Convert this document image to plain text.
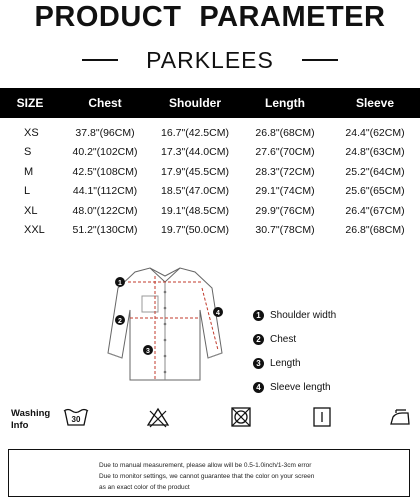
PRODUCT PARAMETER
PARKLEES
SIZE	Chest	Shoulder	Length	Sleeve
XS	37.8"(96CM)	16.7"(42.5CM)	26.8"(68CM)	24.4"(62CM)
S	40.2"(102CM)	17.3"(44.0CM)	27.6"(70CM)	24.8"(63CM)
M	42.5"(108CM)	17.9"(45.5CM)	28.3"(72CM)	25.2"(64CM)
L	44.1"(112CM)	18.5"(47.0CM)	29.1"(74CM)	25.6"(65CM)
XL	48.0"(122CM)	19.1"(48.5CM)	29.9"(76CM)	26.4"(67CM)
XXL	51.2"(130CM)	19.7"(50.0CM)	30.7"(78CM)	26.8"(68CM)
1
2
3
4	1 Shoulder width
2 Chest
3 Length
4 Sleeve length
Washing
Info
30
Due to manual measurement, please allow will be 0.5-1.0inch/1-3cm error
Due to monitor settings, we cannot guarantee that the color on your screen
as an exact color of the product
